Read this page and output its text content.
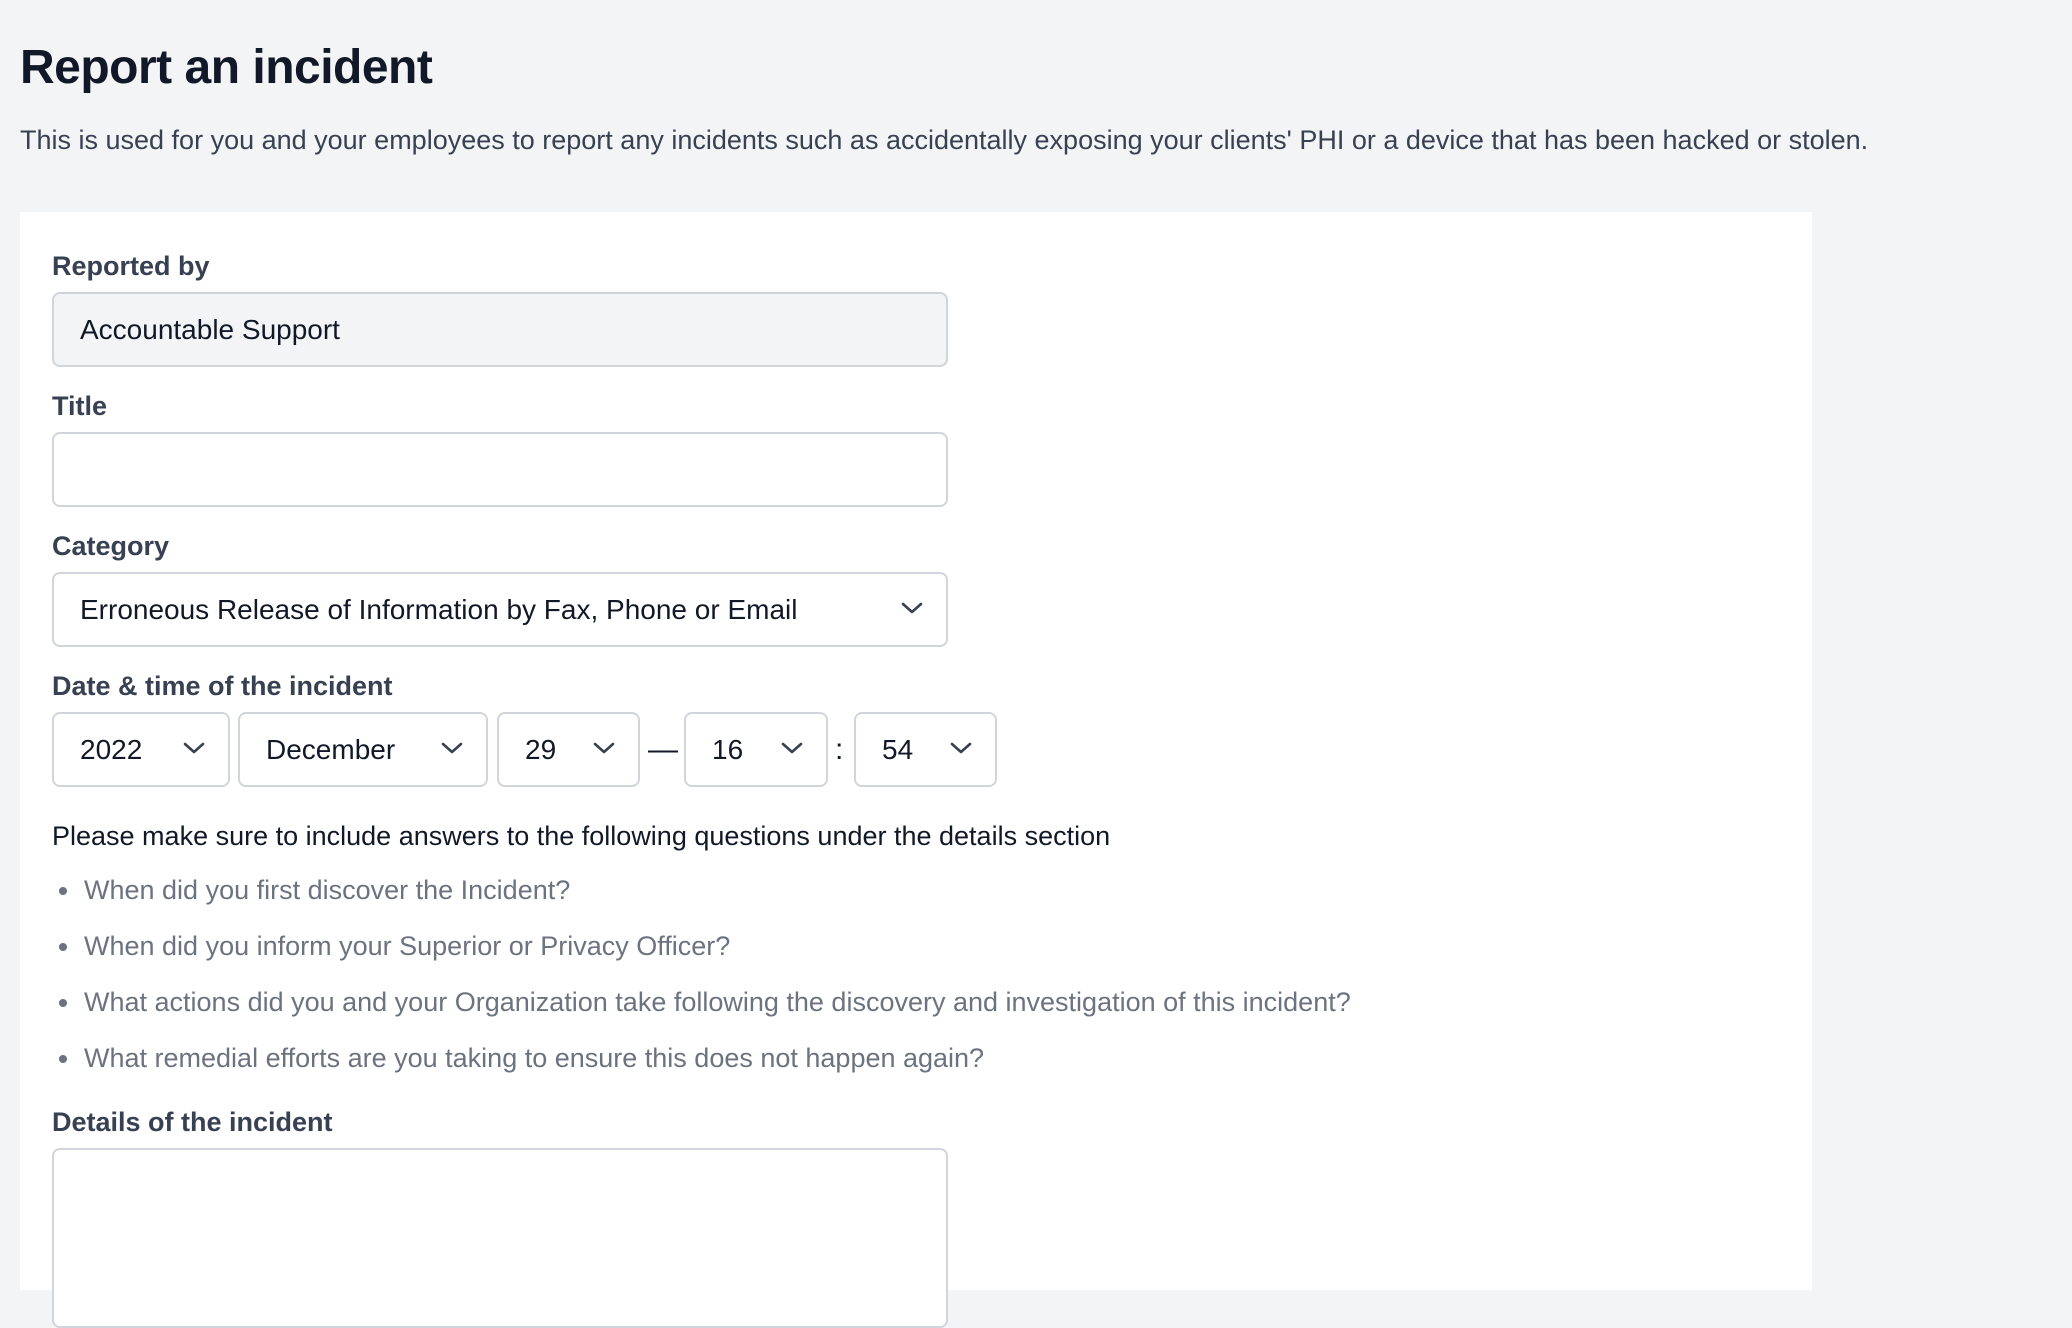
Report an incident

This is used for you and your employees to report any incidents such as accidentally exposing your clients' PHI or a device that has been hacked or stolen.

Reported by
Accountable Support
Title
Category
Erroneous Release of Information by Fax, Phone or Email
Date & time of the incident
2022	December	29	—	16	:	54

Please make sure to include answers to the following questions under the details section

When did you first discover the Incident?
When did you inform your Superior or Privacy Officer?
What actions did you and your Organization take following the discovery and investigation of this incident?
What remedial efforts are you taking to ensure this does not happen again?
Details of the incident
